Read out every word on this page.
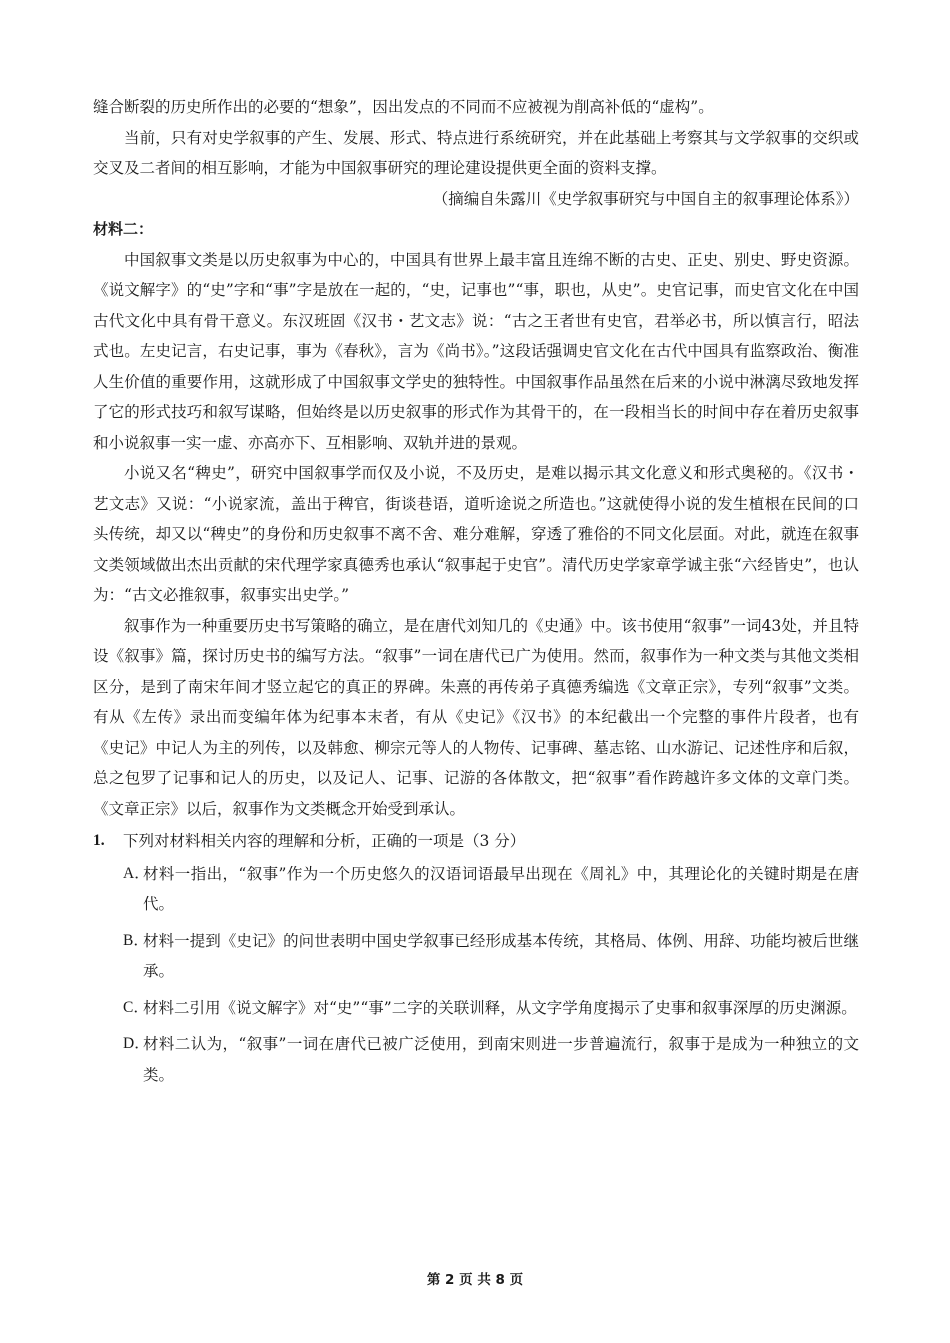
缝合断裂的历史所作出的必要的“想象”，因出发点的不同而不应被视为削高补低的“虚构”。

当前，只有对史学叙事的产生、发展、形式、特点进行系统研究，并在此基础上考察其与文学叙事的交织或交叉及二者间的相互影响，才能为中国叙事研究的理论建设提供更全面的资料支撑。

（摘编自朱露川《史学叙事研究与中国自主的叙事理论体系》）

材料二：

中国叙事文类是以历史叙事为中心的，中国具有世界上最丰富且连绵不断的古史、正史、别史、野史资源。《说文解字》的“史”字和“事”字是放在一起的，“史，记事也”“事，职也，从史”。史官记事，而史官文化在中国古代文化中具有骨干意义。东汉班固《汉书・艺文志》说：“古之王者世有史官，君举必书，所以慎言行，昭法式也。左史记言，右史记事，事为《春秋》，言为《尚书》。”这段话强调史官文化在古代中国具有监察政治、衡准人生价值的重要作用，这就形成了中国叙事文学史的独特性。中国叙事作品虽然在后来的小说中淋漓尽致地发挥了它的形式技巧和叙写谋略，但始终是以历史叙事的形式作为其骨干的，在一段相当长的时间中存在着历史叙事和小说叙事一实一虚、亦高亦下、互相影响、双轨并进的景观。

小说又名“稗史”，研究中国叙事学而仅及小说，不及历史，是难以揭示其文化意义和形式奥秘的。《汉书・艺文志》又说：“小说家流，盖出于稗官，街谈巷语，道听途说之所造也。”这就使得小说的发生植根在民间的口头传统，却又以“稗史”的身份和历史叙事不离不舍、难分难解，穿透了雅俗的不同文化层面。对此，就连在叙事文类领域做出杰出贡献的宋代理学家真德秀也承认“叙事起于史官”。清代历史学家章学诚主张“六经皆史”，也认为：“古文必推叙事，叙事实出史学。”

叙事作为一种重要历史书写策略的确立，是在唐代刘知几的《史通》中。该书使用“叙事”一词43处，并且特设《叙事》篇，探讨历史书的编写方法。“叙事”一词在唐代已广为使用。然而，叙事作为一种文类与其他文类相区分，是到了南宋年间才竖立起它的真正的界碑。朱熹的再传弟子真德秀编选《文章正宗》，专列“叙事”文类。有从《左传》录出而变编年体为纪事本末者，有从《史记》《汉书》的本纪截出一个完整的事件片段者，也有《史记》中记人为主的列传，以及韩愈、柳宗元等人的人物传、记事碑、墓志铭、山水游记、记述性序和后叙，总之包罗了记事和记人的历史，以及记人、记事、记游的各体散文，把“叙事”看作跨越许多文体的文章门类。《文章正宗》以后，叙事作为文类概念开始受到承认。

1. 下列对材料相关内容的理解和分析，正确的一项是（3 分）
A．
材料一指出，“叙事”作为一个历史悠久的汉语词语最早出现在《周礼》中，其理论化的关键时期是在唐代。
B．
材料一提到《史记》的问世表明中国史学叙事已经形成基本传统，其格局、体例、用辞、功能均被后世继承。
C．
材料二引用《说文解字》对“史”“事”二字的关联训释，从文字学角度揭示了史事和叙事深厚的历史渊源。
D．
材料二认为，“叙事”一词在唐代已被广泛使用，到南宋则进一步普遍流行，叙事于是成为一种独立的文类。
第 2 页 共 8 页
